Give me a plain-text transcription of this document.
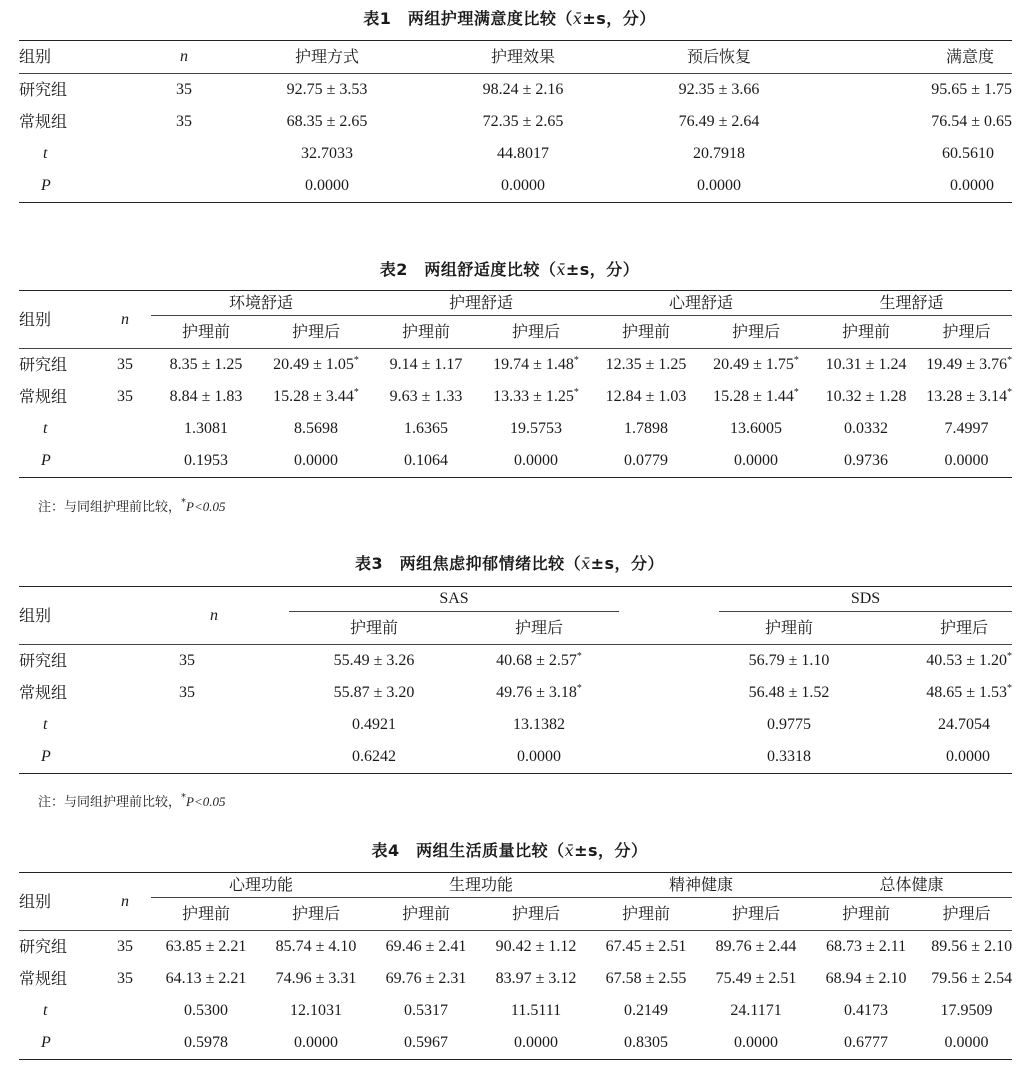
表1　两组护理满意度比较（x̄±s，分）
组别	n	护理方式	护理效果	预后恢复	满意度
研究组	35	92.75 ± 3.53	98.24 ± 2.16	92.35 ± 3.66	95.65 ± 1.75
常规组	35	68.35 ± 2.65	72.35 ± 2.65	76.49 ± 2.64	76.54 ± 0.65
t		32.7033	44.8017	20.7918	60.5610
P		0.0000	0.0000	0.0000	0.0000
表2　两组舒适度比较（x̄±s，分）
组别	n	环境舒适		护理舒适		心理舒适		生理舒适	
		护理前	护理后	护理前	护理后	护理前	护理后	护理前	护理后
研究组	35	8.35 ± 1.25	20.49 ± 1.05*	9.14 ± 1.17	19.74 ± 1.48*	12.35 ± 1.25	20.49 ± 1.75*	10.31 ± 1.24	19.49 ± 3.76*
常规组	35	8.84 ± 1.83	15.28 ± 3.44*	9.63 ± 1.33	13.33 ± 1.25*	12.84 ± 1.03	15.28 ± 1.44*	10.32 ± 1.28	13.28 ± 3.14*
t		1.3081	8.5698	1.6365	19.5753	1.7898	13.6005	0.0332	7.4997
P		0.1953	0.0000	0.1064	0.0000	0.0779	0.0000	0.9736	0.0000
注：与同组护理前比较，*P<0.05
表3　两组焦虑抑郁情绪比较（x̄±s，分）
组别	n	SAS			SDS	
		护理前	护理后		护理前	护理后
研究组	35	55.49 ± 3.26	40.68 ± 2.57*		56.79 ± 1.10	40.53 ± 1.20*
常规组	35	55.87 ± 3.20	49.76 ± 3.18*		56.48 ± 1.52	48.65 ± 1.53*
t		0.4921	13.1382		0.9775	24.7054
P		0.6242	0.0000		0.3318	0.0000
注：与同组护理前比较，*P<0.05
表4　两组生活质量比较（x̄±s，分）
组别	n	心理功能		生理功能		精神健康		总体健康	
		护理前	护理后	护理前	护理后	护理前	护理后	护理前	护理后
研究组	35	63.85 ± 2.21	85.74 ± 4.10	69.46 ± 2.41	90.42 ± 1.12	67.45 ± 2.51	89.76 ± 2.44	68.73 ± 2.11	89.56 ± 2.10
常规组	35	64.13 ± 2.21	74.96 ± 3.31	69.76 ± 2.31	83.97 ± 3.12	67.58 ± 2.55	75.49 ± 2.51	68.94 ± 2.10	79.56 ± 2.54
t		0.5300	12.1031	0.5317	11.5111	0.2149	24.1171	0.4173	17.9509
P		0.5978	0.0000	0.5967	0.0000	0.8305	0.0000	0.6777	0.0000
